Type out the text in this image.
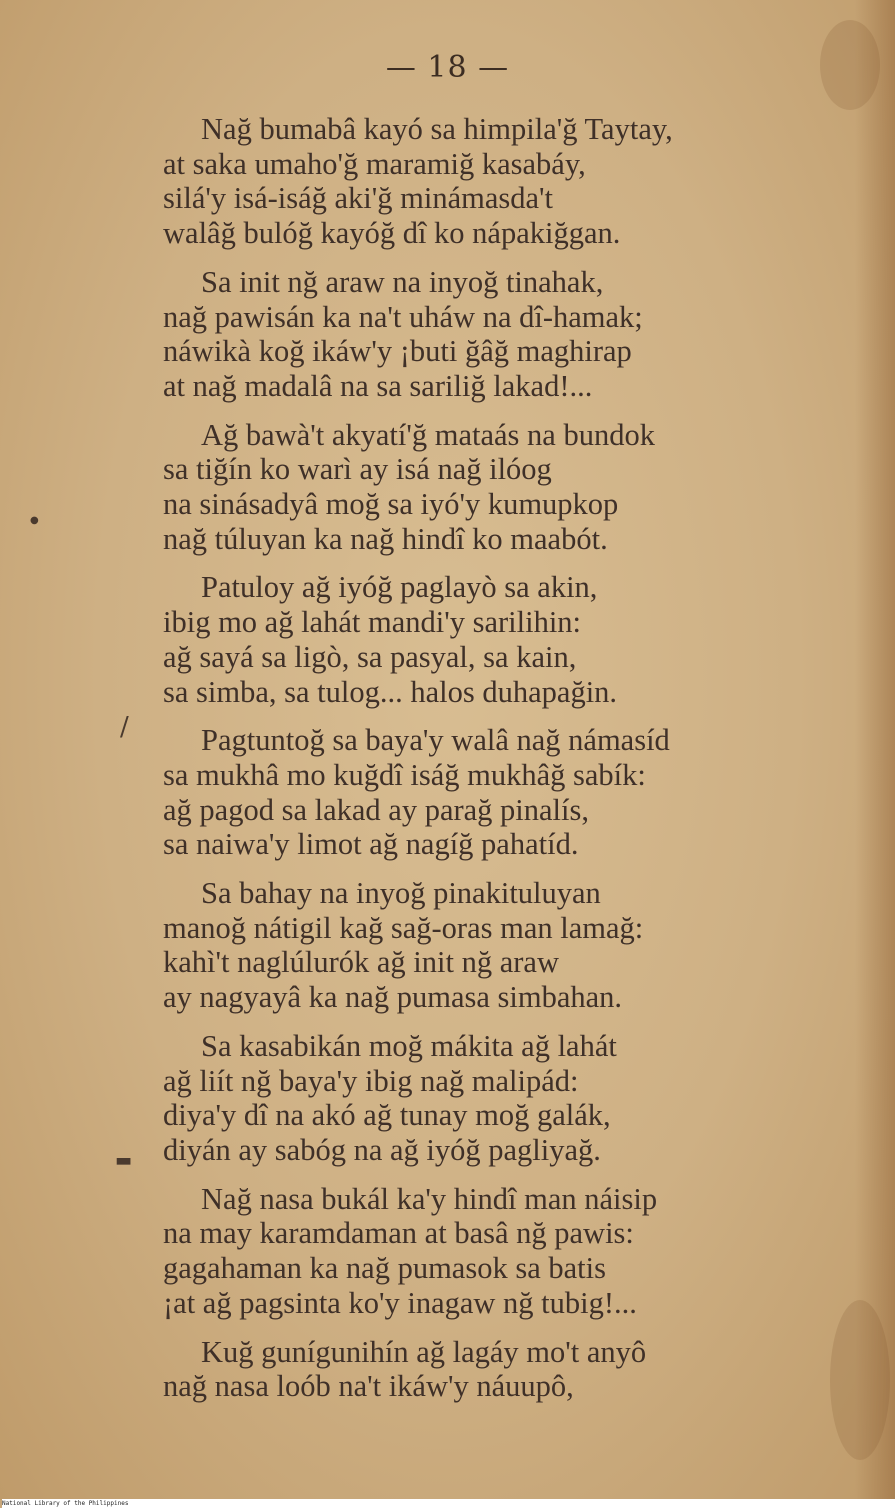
/
▬
●
— 18 —
Nağ bumabâ kayó sa himpila'ğ Taytay,
at saka umaho'ğ maramiğ kasabáy,
silá'y isá-isáğ aki'ğ minámasda't
walâğ bulóğ kayóğ dî ko nápakiğgan.
Sa init nğ araw na inyoğ tinahak,
nağ pawisán ka na't uháw na dî-hamak;
náwikà koğ ikáw'y ¡buti ğâğ maghirap
at nağ madalâ na sa sariliğ lakad!...
Ağ bawà't akyatí'ğ mataás na bundok
sa tiğín ko warì ay isá nağ ilóog
na sinásadyâ moğ sa iyó'y kumupkop
nağ túluyan ka nağ hindî ko maabót.
Patuloy ağ iyóğ paglayò sa akin,
ibig mo ağ lahát mandi'y sarilihin:
ağ sayá sa ligò, sa pasyal, sa kain,
sa simba, sa tulog... halos duhapağin.
Pagtuntoğ sa baya'y walâ nağ námasíd
sa mukhâ mo kuğdî isáğ mukhâğ sabík:
ağ pagod sa lakad ay parağ pinalís,
sa naiwa'y limot ağ nagíğ pahatíd.
Sa bahay na inyoğ pinakituluyan
manoğ nátigil kağ sağ-oras man lamağ:
kahì't naglúlurók ağ init nğ araw
ay nagyayâ ka nağ pumasa simbahan.
Sa kasabikán moğ mákita ağ lahát
ağ liít nğ baya'y ibig nağ malipád:
diya'y dî na akó ağ tunay moğ galák,
diyán ay sabóg na ağ iyóğ pagliyağ.
Nağ nasa bukál ka'y hindî man náisip
na may karamdaman at basâ nğ pawis:
gagahaman ka nağ pumasok sa batis
¡at ağ pagsinta ko'y inagaw nğ tubig!...
Kuğ gunígunihín ağ lagáy mo't anyô
nağ nasa loób na't ikáw'y náuupô,
National Library of the Philippines
